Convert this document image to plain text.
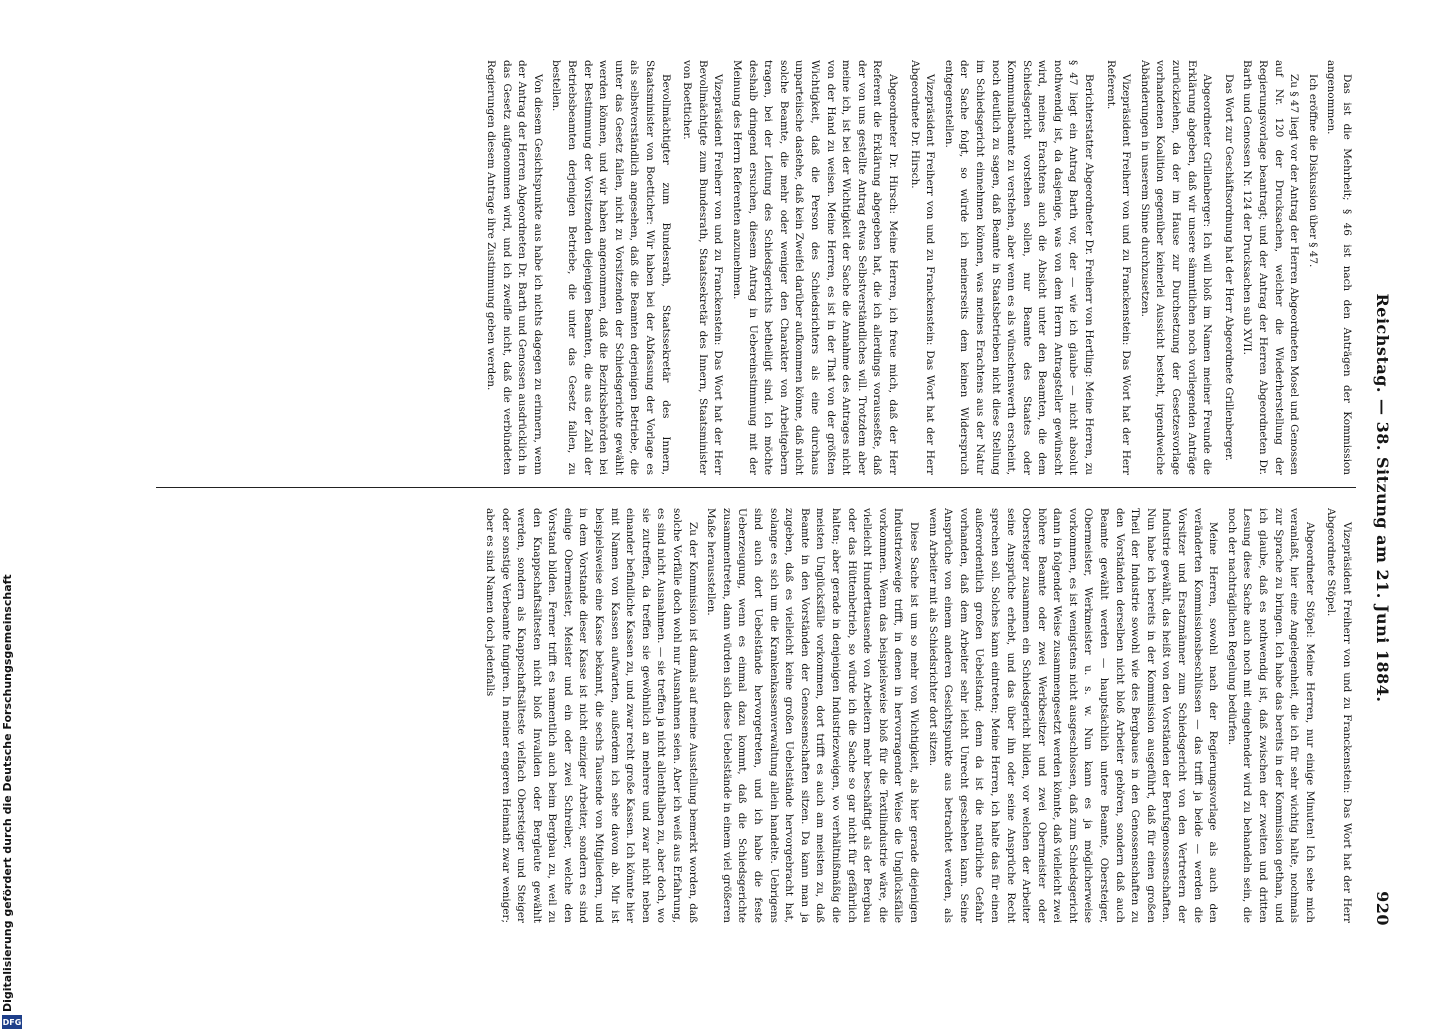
920
Reichstag. — 38. Sitzung am 21. Juni 1884.

Das ist die Mehrheit; § 46 ist nach den Anträgen der Kommission angenommen.

Ich eröffne die Diskussion über § 47.

Zu § 47 liegt vor der Antrag der Herren Abgeordneten Mosel und Genossen auf Nr. 120 der Drucksachen, welcher die Wiederherstellung der Regierungsvorlage beantragt; und der Antrag der Herren Abgeordneten Dr. Barth und Genossen Nr. 124 der Drucksachen sub XVII.

Das Wort zur Geschäftsordnung hat der Herr Abgeordnete Grillenberger.

Abgeordneter Grillenberger: Ich will bloß im Namen meiner Freunde die Erklärung abgeben, daß wir unsere sämmtlichen noch vorliegenden Anträge zurückziehen, da der im Hause zur Durchsetzung der Gesetzesvorlage vorhandenen Koalition gegenüber keinerlei Aussicht besteht, irgendwelche Abänderungen in unserem Sinne durchzusetzen.

Vizepräsident Freiherr von und zu Franckenstein: Das Wort hat der Herr Referent.

Berichterstatter Abgeordneter Dr. Freiherr von Hertling: Meine Herren, zu § 47 liegt ein Antrag Barth vor, der — wie ich glaube — nicht absolut nothwendig ist, da dasjenige, was von dem Herrn Antragsteller gewünscht wird, meines Erachtens auch die Absicht unter den Beamten, die dem Schiedsgericht vorstehen sollen, nur Beamte des Staates oder Kommunalbeamte zu verstehen, aber wenn es als wünschenswerth erscheint, noch deutlich zu sagen, daß Beamte in Staatsbetrieben nicht diese Stellung im Schiedsgericht einnehmen können, was meines Erachtens aus der Natur der Sache folgt, so würde ich meinerseits dem keinen Widerspruch entgegenstellen.

Vizepräsident Freiherr von und zu Franckenstein: Das Wort hat der Herr Abgeordnete Dr. Hirsch.

Abgeordneter Dr. Hirsch: Meine Herren, ich freue mich, daß der Herr Referent die Erklärung abgegeben hat, die ich allerdings vorausseßte, daß der von uns gestellte Antrag etwas Selbstverständliches will. Trotzdem aber meine ich, ist bei der Wichtigkeit der Sache die Annahme des Antrages nicht von der Hand zu weisen. Meine Herren, es ist in der That von der größten Wichtigkeit, daß die Person des Schiedsrichters als eine durchaus unparteiische dastehe, daß kein Zweifel darüber aufkommen könne, daß nicht solche Beamte, die mehr oder weniger den Charakter von Arbeitgebern tragen, bei der Leitung des Schiedsgerichts betheiligt sind. Ich möchte deshalb dringend ersuchen, diesem Antrag in Uebereinstimmung mit der Meinung des Herrn Referenten anzunehmen.

Vizepräsident Freiherr von und zu Franckenstein: Das Wort hat der Herr Bevollmächtigte zum Bundesrath, Staatssekretär des Innern, Staatsminister von Boetticher.

Bevollmächtigter zum Bundesrath, Staatssekretär des Innern, Staatsminister von Boetticher: Wir haben bei der Abfassung der Vorlage es als selbstverständlich angesehen, daß die Beamten derjenigen Betriebe, die unter das Gesetz fallen, nicht zu Vorsitzenden der Schiedsgerichte gewählt werden können, und wir haben angenommen, daß die Bezirksbehörden bei der Bestimmung der Vorsitzenden diejenigen Beamten, die aus der Zahl der Betriebsbeamten derjenigen Betriebe, die unter das Gesetz fallen, zu bestellen.

Von diesem Gesichtspunkte aus habe ich nichts dagegen zu erinnern, wenn der Antrag der Herren Abgeordneten Dr. Barth und Genossen ausdrücklich in das Gesetz aufgenommen wird, und ich zweifle nicht, daß die verbündeten Regierungen diesem Antrage ihre Zustimmung geben werden.

Vizepräsident Freiherr von und zu Franckenstein: Das Wort hat der Herr Abgeordnete Stöpel.

Abgeordneter Stöpel: Meine Herren, nur einige Minuten! Ich sehe mich veranlaßt, hier eine Angelegenheit, die ich für sehr wichtig halte, nochmals zur Sprache zu bringen. Ich habe das bereits in der Kommission gethan, und ich glaube, daß es nothwendig ist, daß zwischen der zweiten und dritten Lesung diese Sache auch noch mit eingehender wird zu behandeln sein, die noch der nachträglichen Regelung bedürfen.

Meine Herren, sowohl nach der Regierungsvorlage als auch den veränderten Kommissionsbeschlüssen — das trifft ja beide — werden die Vorsitzer und Ersatzmänner zum Schiedsgericht von den Vertretern der Industrie gewählt, das heißt von den Vorständen der Berufsgenossenschaften. Nun habe ich bereits in der Kommission ausgeführt, daß für einen großen Theil der Industrie sowohl wie des Bergbaues in den Genossenschaften zu den Vorständen derselben nicht bloß Arbeiter gehören, sondern daß auch Beamte gewählt werden — hauptsächlich untere Beamte, Obersteiger, Obermeister, Werkmeister u. s. w. Nun kann es ja möglicherweise vorkommen, es ist wenigstens nicht ausgeschlossen, daß zum Schiedsgericht dann in folgender Weise zusammengesetzt werden könnte, daß vielleicht zwei höhere Beamte oder zwei Werkbesitzer und zwei Obermeister oder Obersteiger zusammen ein Schiedsgericht bilden, vor welchen der Arbeiter seine Ansprüche erhebt, und das über ihn oder seine Ansprüche Recht sprechen soll. Solches kann eintreten; Meine Herren, ich halte das für einen außerordentlich großen Uebelstand; denn da ist die natürliche Gefahr vorhanden, daß dem Arbeiter sehr leicht Unrecht geschehen kann. Seine Ansprüche von einem anderen Gesichtspunkte aus betrachtet werden, als wenn Arbeiter mit als Schiedsrichter dort sitzen.

Diese Sache ist um so mehr von Wichtigkeit, als hier gerade diejenigen Industriezweige trifft, in denen in hervorragender Weise die Unglücksfälle vorkommen. Wenn das beispielsweise bloß für die Textilindustrie wäre, die vielleicht Hunderttausende von Arbeitern mehr beschäftigt als der Bergbau oder das Hüttenbetrieb, so würde ich die Sache so gar nicht für gefährlich halten; aber gerade in denjenigen Industriezweigen, wo verhältnißmäßig die meisten Unglücksfälle vorkommen, dort trifft es auch am meisten zu, daß Beamte in den Vorständen der Genossenschaften sitzen. Da kann man ja zugeben, daß es vielleicht keine großen Uebelstände hervorgebracht hat, solange es sich um die Krankenkassenverwaltung allein handelte. Uebrigens sind auch dort Uebelstände hervorgetreten, und ich habe die feste Ueberzeugung, wenn es einmal dazu kommt, daß die Schiedsgerichte zusammentreten, dann würden sich diese Uebelstände in einem viel größeren Maße herausstellen.

Zu der Kommission ist damals auf meine Ausstellung bemerkt worden, daß solche Vorfälle doch wohl nur Ausnahmen seien. Aber ich weiß aus Erfahrung, es sind nicht Ausnahmen. — sie treffen ja nicht allenthalben zu, aber doch, wo sie zutreffen, da treffen sie gewöhnlich an mehrere und zwar nicht neben einander befindliche Kassen zu, und zwar recht große Kassen. Ich könnte hier mit Namen von Kassen aufwarten, außerdem ich sehe davon ab. Mir ist beispielsweise eine Kasse bekannt, die sechs Tausende von Mitgliedern, und in dem Vorstande dieser Kasse ist nicht einziger Arbeiter, sondern es sind einige Obermeister, Meister und ein oder zwei Schreiber, welche den Vorstand bilden. Ferner trifft es namentlich auch beim Bergbau zu, weil zu den Knappschaftsältesten nicht bloß Invaliden oder Bergleute gewählt werden, sondern als Knappschaftsälteste vielfach Obersteiger und Steiger oder sonstige Verbeamte fungiren. In meiner engeren Heimath zwar weniger; aber es sind Namen doch jedenfalls

DFG
Digitalisierung gefördert durch die Deutsche Forschungsgemeinschaft
